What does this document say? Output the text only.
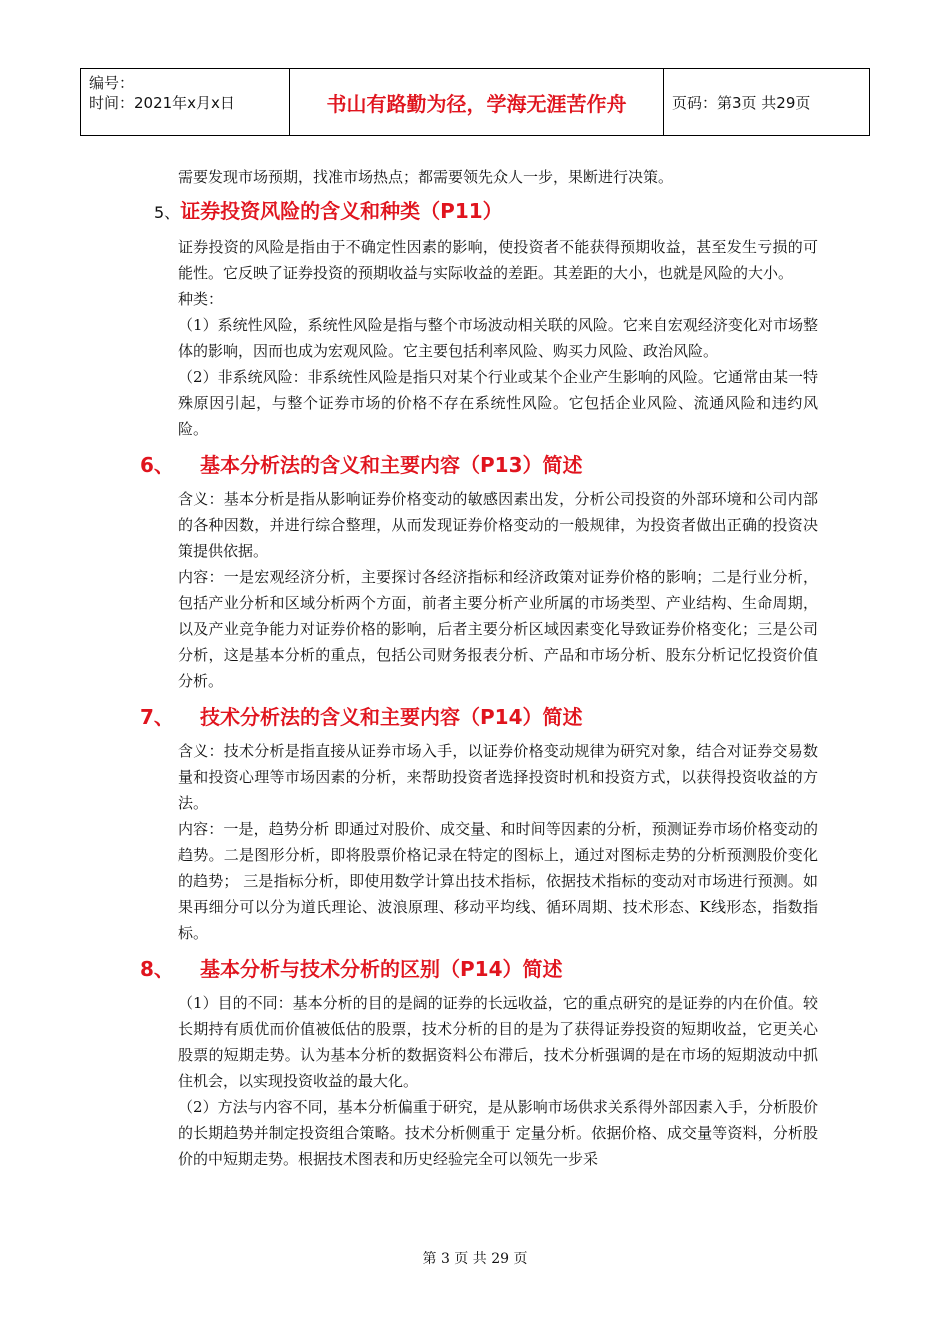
编号：
时间：2021年x月x日	书山有路勤为径，学海无涯苦作舟	页码：第3页 共29页

需要发现市场预期，找准市场热点；都需要领先众人一步，果断进行决策。

5、证券投资风险的含义和种类（P11）

证券投资的风险是指由于不确定性因素的影响，使投资者不能获得预期收益，甚至发生亏损的可能性。它反映了证券投资的预期收益与实际收益的差距。其差距的大小，也就是风险的大小。

种类：

（1）系统性风险，系统性风险是指与整个市场波动相关联的风险。它来自宏观经济变化对市场整体的影响，因而也成为宏观风险。它主要包括利率风险、购买力风险、政治风险。

（2）非系统风险：非系统性风险是指只对某个行业或某个企业产生影响的风险。它通常由某一特殊原因引起，与整个证券市场的价格不存在系统性风险。它包括企业风险、流通风险和违约风险。

6、 基本分析法的含义和主要内容（P13）简述

含义：基本分析是指从影响证券价格变动的敏感因素出发，分析公司投资的外部环境和公司内部的各种因数，并进行综合整理，从而发现证券价格变动的一般规律，为投资者做出正确的投资决策提供依据。

内容：一是宏观经济分析，主要探讨各经济指标和经济政策对证券价格的影响；二是行业分析，包括产业分析和区域分析两个方面，前者主要分析产业所属的市场类型、产业结构、生命周期，以及产业竞争能力对证券价格的影响，后者主要分析区域因素变化导致证券价格变化；三是公司分析，这是基本分析的重点，包括公司财务报表分析、产品和市场分析、股东分析记忆投资价值分析。

7、 技术分析法的含义和主要内容（P14）简述

含义：技术分析是指直接从证券市场入手，以证券价格变动规律为研究对象，结合对证券交易数量和投资心理等市场因素的分析，来帮助投资者选择投资时机和投资方式，以获得投资收益的方法。

内容：一是，趋势分析 即通过对股价、成交量、和时间等因素的分析，预测证券市场价格变动的趋势。二是图形分析，即将股票价格记录在特定的图标上，通过对图标走势的分析预测股价变化的趋势； 三是指标分析，即使用数学计算出技术指标，依据技术指标的变动对市场进行预测。如果再细分可以分为道氏理论、波浪原理、移动平均线、循环周期、技术形态、K线形态，指数指标。

8、 基本分析与技术分析的区别（P14）简述

（1）目的不同：基本分析的目的是阔的证券的长远收益，它的重点研究的是证券的内在价值。较长期持有质优而价值被低估的股票，技术分析的目的是为了获得证券投资的短期收益，它更关心股票的短期走势。认为基本分析的数据资料公布滞后，技术分析强调的是在市场的短期波动中抓住机会，以实现投资收益的最大化。

（2）方法与内容不同，基本分析偏重于研究，是从影响市场供求关系得外部因素入手，分析股价的长期趋势并制定投资组合策略。技术分析侧重于 定量分析。依据价格、成交量等资料，分析股价的中短期走势。根据技术图表和历史经验完全可以领先一步采

第 3 页 共 29 页
